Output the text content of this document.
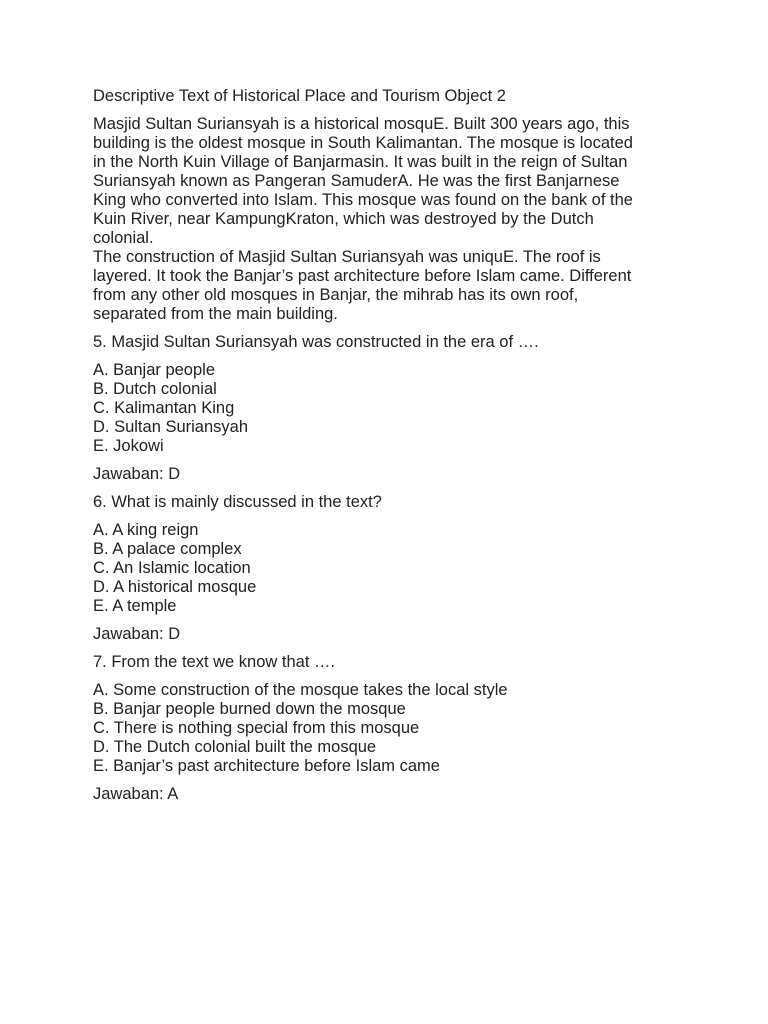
Descriptive Text of Historical Place and Tourism Object 2

Masjid Sultan Suriansyah is a historical mosquE. Built 300 years ago, this
building is the oldest mosque in South Kalimantan. The mosque is located
in the North Kuin Village of Banjarmasin. It was built in the reign of Sultan
Suriansyah known as Pangeran SamuderA. He was the first Banjarnese
King who converted into Islam. This mosque was found on the bank of the
Kuin River, near KampungKraton, which was destroyed by the Dutch
colonial.
The construction of Masjid Sultan Suriansyah was uniquE. The roof is
layered. It took the Banjar’s past architecture before Islam came. Different
from any other old mosques in Banjar, the mihrab has its own roof,
separated from the main building.

5. Masjid Sultan Suriansyah was constructed in the era of ….

A. Banjar people
B. Dutch colonial
C. Kalimantan King
D. Sultan Suriansyah
E. Jokowi

Jawaban: D

6. What is mainly discussed in the text?

A. A king reign
B. A palace complex
C. An Islamic location
D. A historical mosque
E. A temple

Jawaban: D

7. From the text we know that ….

A. Some construction of the mosque takes the local style
B. Banjar people burned down the mosque
C. There is nothing special from this mosque
D. The Dutch colonial built the mosque
E. Banjar’s past architecture before Islam came

Jawaban: A
